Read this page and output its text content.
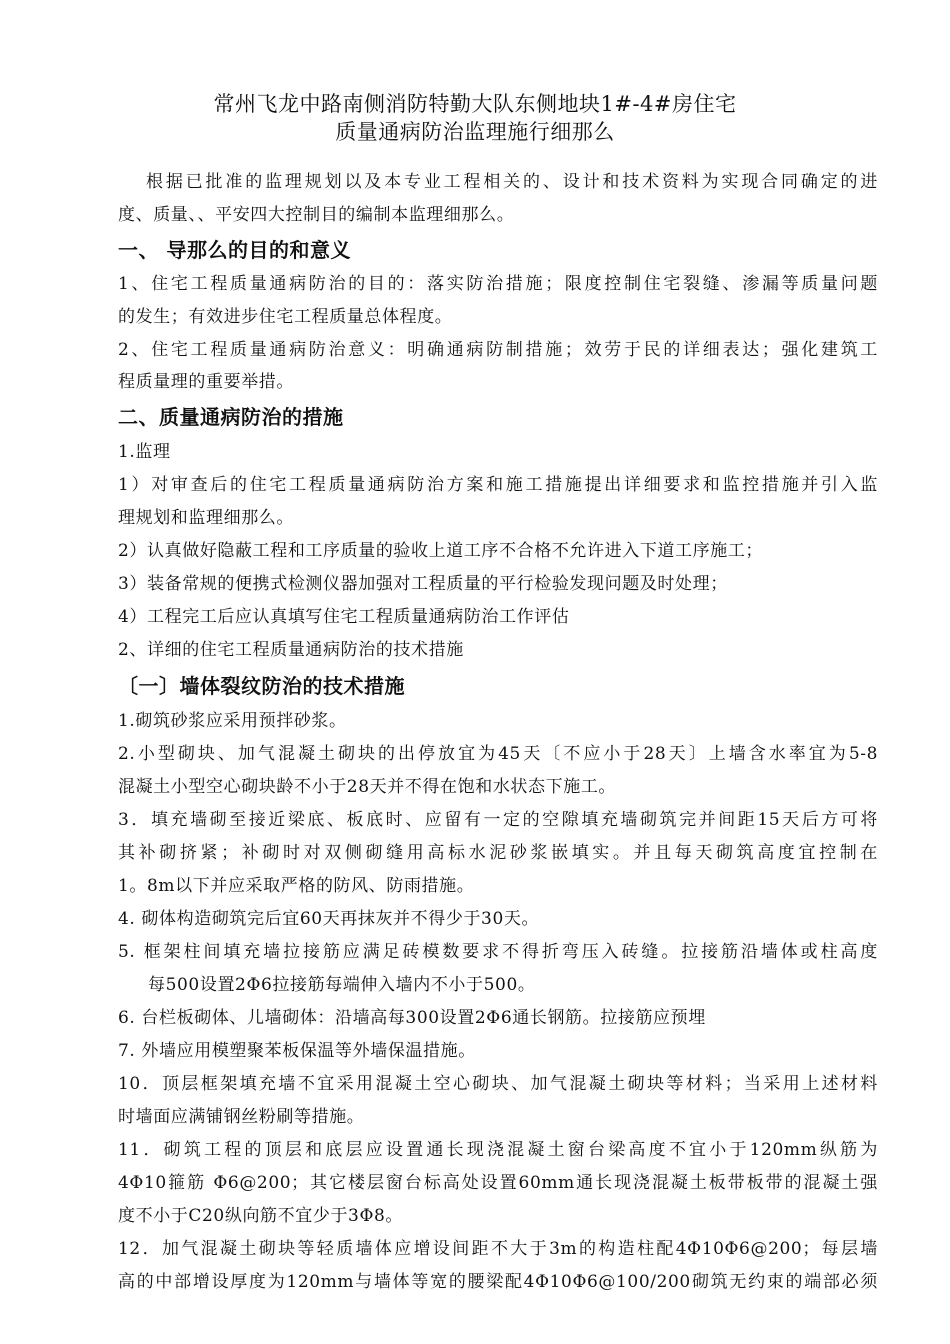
常州飞龙中路南侧消防特勤大队东侧地块1#-4#房住宅
质量通病防治监理施行细那么
根据已批准的监理规划以及本专业工程相关的、设计和技术资料为实现合同确定的进
度、质量、、平安四大控制目的编制本监理细那么。
一、 导那么的目的和意义
1、住宅工程质量通病防治的目的：落实防治措施；限度控制住宅裂缝、渗漏等质量问题
的发生；有效进步住宅工程质量总体程度。
2、住宅工程质量通病防治意义：明确通病防制措施；效劳于民的详细表达；强化建筑工
程质量理的重要举措。
二、质量通病防治的措施
1.监理
1）对审查后的住宅工程质量通病防治方案和施工措施提出详细要求和监控措施并引入监
理规划和监理细那么。
2）认真做好隐蔽工程和工序质量的验收上道工序不合格不允许进入下道工序施工；
3）装备常规的便携式检测仪器加强对工程质量的平行检验发现问题及时处理；
4）工程完工后应认真填写住宅工程质量通病防治工作评估
2、详细的住宅工程质量通病防治的技术措施
〔一〕墙体裂纹防治的技术措施
1.砌筑砂浆应采用预拌砂浆。
2.小型砌块、加气混凝土砌块的出停放宜为45天〔不应小于28天〕上墙含水率宜为5-8
混凝土小型空心砌块龄不小于28天并不得在饱和水状态下施工。
3．填充墙砌至接近梁底、板底时、应留有一定的空隙填充墙砌筑完并间距15天后方可将
其补砌挤紧；补砌时对双侧砌缝用高标水泥砂浆嵌填实。并且每天砌筑高度宜控制在
1。8m以下并应采取严格的防风、防雨措施。
4. 砌体构造砌筑完后宜60天再抹灰并不得少于30天。
5. 框架柱间填充墙拉接筋应满足砖模数要求不得折弯压入砖缝。拉接筋沿墙体或柱高度
每500设置2Φ6拉接筋每端伸入墙内不小于500。
6. 台栏板砌体、儿墙砌体：沿墙高每300设置2Φ6通长钢筋。拉接筋应预埋
7. 外墙应用模塑聚苯板保温等外墙保温措施。
10．顶层框架填充墙不宜采用混凝土空心砌块、加气混凝土砌块等材料；当采用上述材料
时墙面应满铺钢丝粉刷等措施。
11．砌筑工程的顶层和底层应设置通长现浇混凝土窗台梁高度不宜小于120mm纵筋为
4Φ10箍筋 Φ6@200；其它楼层窗台标高处设置60mm通长现浇混凝土板带板带的混凝土强
度不小于C20纵向筋不宜少于3Φ8。
12．加气混凝土砌块等轻质墙体应增设间距不大于3m的构造柱配4Φ10Φ6@200；每层墙
高的中部增设厚度为120mm与墙体等宽的腰梁配4Φ10Φ6@100/200砌筑无约束的端部必须
